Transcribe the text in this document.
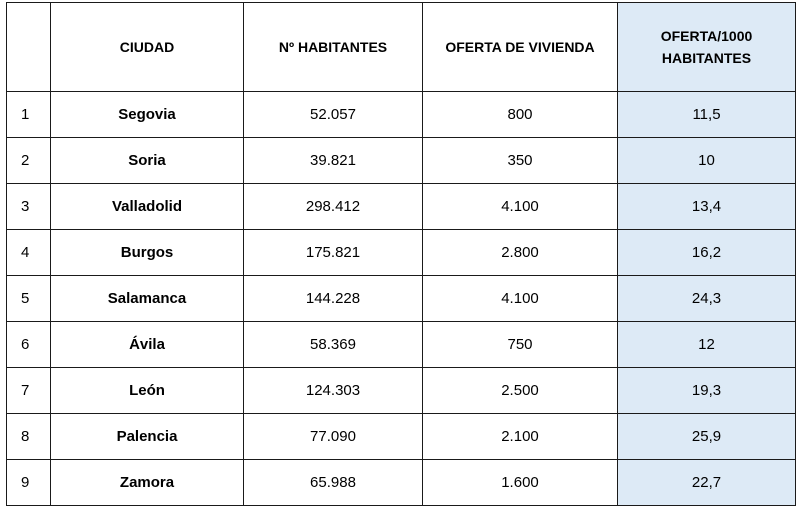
	CIUDAD	Nº HABITANTES	OFERTA DE VIVIENDA	OFERTA/1000
HABITANTES

1	Segovia	52.057	800	11,5
2	Soria	39.821	350	10
3	Valladolid	298.412	4.100	13,4
4	Burgos	175.821	2.800	16,2
5	Salamanca	144.228	4.100	24,3
6	Ávila	58.369	750	12
7	León	124.303	2.500	19,3
8	Palencia	77.090	2.100	25,9
9	Zamora	65.988	1.600	22,7
